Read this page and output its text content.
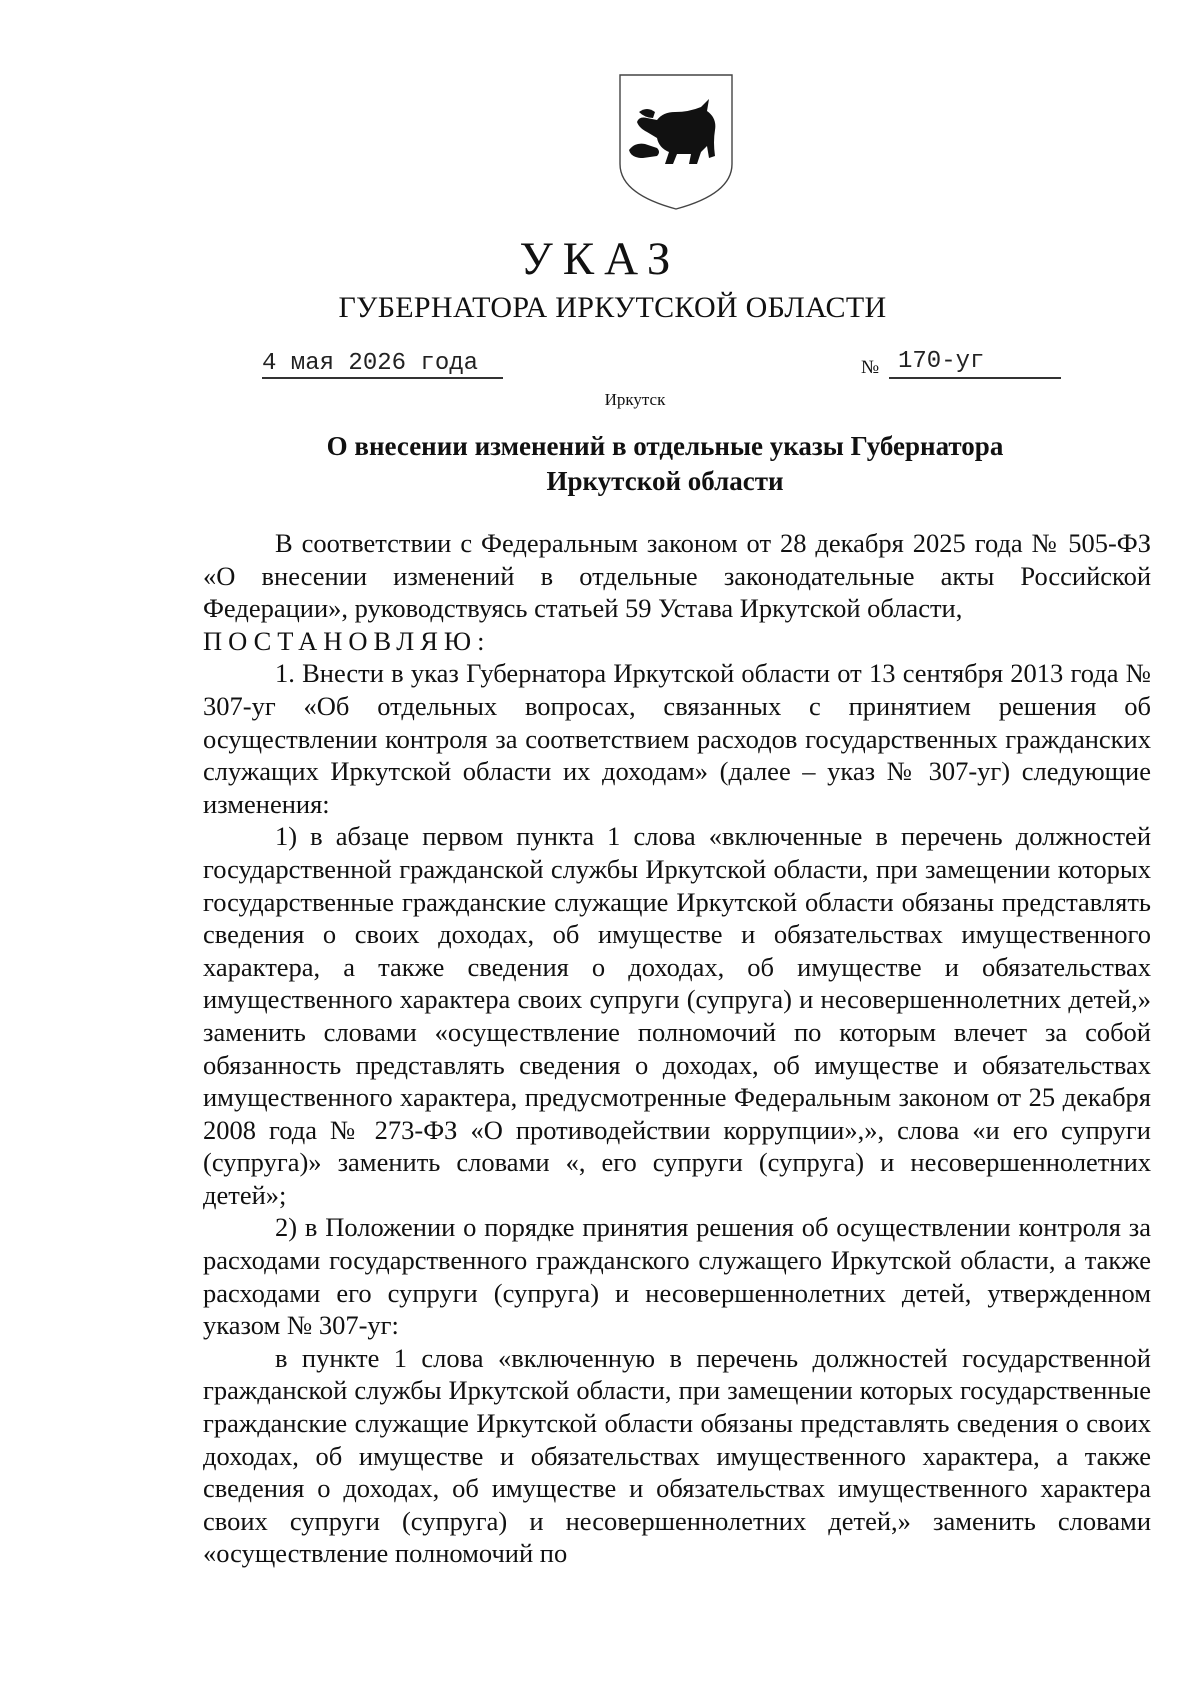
УКАЗ
ГУБЕРНАТОРА ИРКУТСКОЙ ОБЛАСТИ
4 мая 2026 года	№ 170-уг
Иркутск
О внесении изменений в отдельные указы Губернатора
Иркутской области

В соответствии с Федеральным законом от 28 декабря 2025 года № 505-ФЗ «О внесении изменений в отдельные законодательные акты Российской Федерации», руководствуясь статьей 59 Устава Иркутской области,

ПОСТАНОВЛЯЮ:

1. Внести в указ Губернатора Иркутской области от 13 сентября 2013 года № 307-уг «Об отдельных вопросах, связанных с принятием решения об осуществлении контроля за соответствием расходов государственных гражданских служащих Иркутской области их доходам» (далее – указ № 307-уг) следующие изменения:

1) в абзаце первом пункта 1 слова «включенные в перечень должностей государственной гражданской службы Иркутской области, при замещении которых государственные гражданские служащие Иркутской области обязаны представлять сведения о своих доходах, об имуществе и обязательствах имущественного характера, а также сведения о доходах, об имуществе и обязательствах имущественного характера своих супруги (супруга) и несовершеннолетних детей,» заменить словами «осуществление полномочий по которым влечет за собой обязанность представлять сведения о доходах, об имуществе и обязательствах имущественного характера, предусмотренные Федеральным законом от 25 декабря 2008 года № 273-ФЗ «О противодействии коррупции»,», слова «и его супруги (супруга)» заменить словами «, его супруги (супруга) и несовершеннолетних детей»;

2) в Положении о порядке принятия решения об осуществлении контроля за расходами государственного гражданского служащего Иркутской области, а также расходами его супруги (супруга) и несовершеннолетних детей, утвержденном указом № 307-уг:

в пункте 1 слова «включенную в перечень должностей государственной гражданской службы Иркутской области, при замещении которых государственные гражданские служащие Иркутской области обязаны представлять сведения о своих доходах, об имуществе и обязательствах имущественного характера, а также сведения о доходах, об имуществе и обязательствах имущественного характера своих супруги (супруга) и несовершеннолетних детей,» заменить словами «осуществление полномочий по
